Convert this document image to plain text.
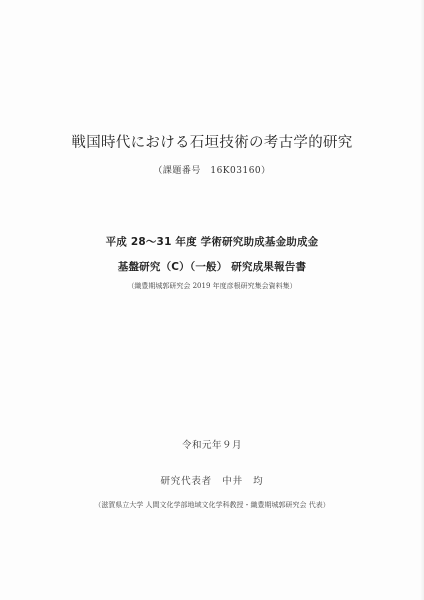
戦国時代における石垣技術の考古学的研究
（課題番号　16K03160）
平成 28〜31 年度 学術研究助成基金助成金
基盤研究（C）（一般） 研究成果報告書
（織豊期城郭研究会 2019 年度彦根研究集会資料集）
令和元年９月
研究代表者　中井　均
（滋賀県立大学 人間文化学部地域文化学科教授・織豊期城郭研究会 代表）
